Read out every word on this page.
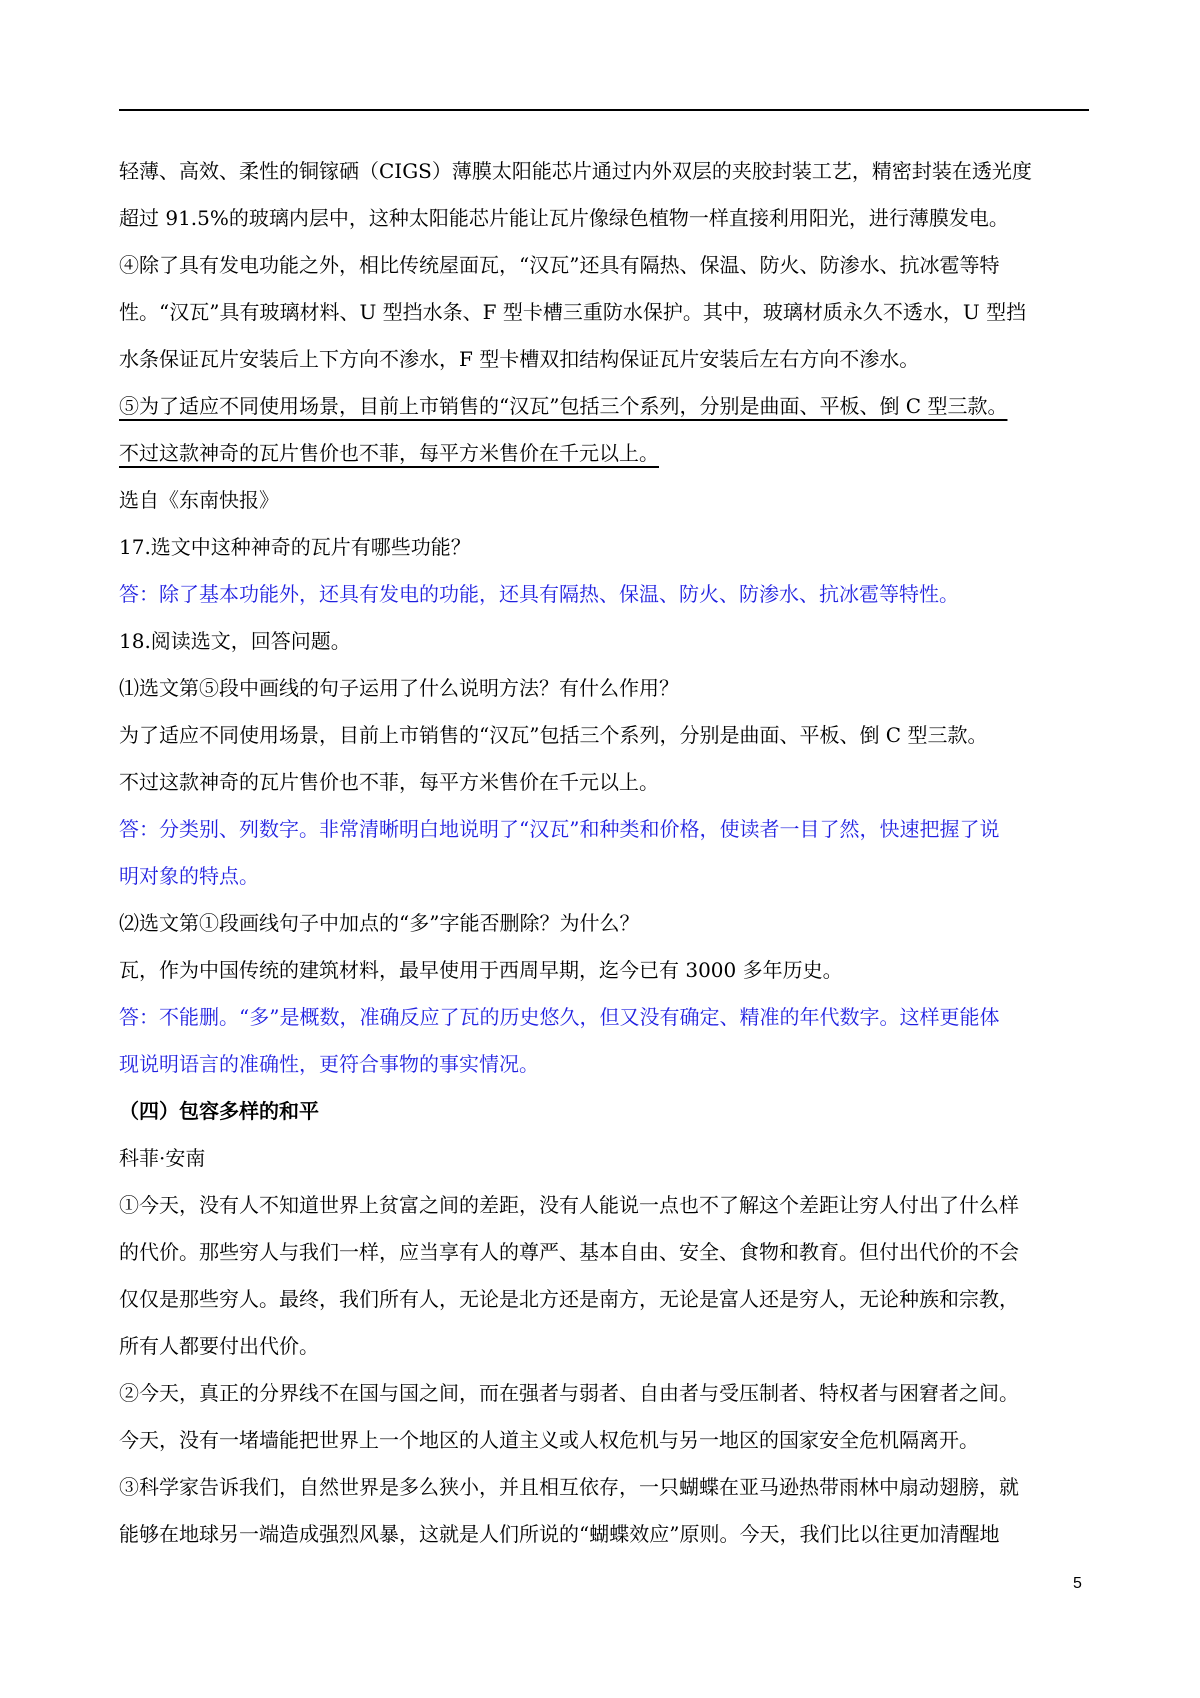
轻薄、高效、柔性的铜镓硒（CIGS）薄膜太阳能芯片通过内外双层的夹胶封装工艺，精密封装在透光度
超过 91.5%的玻璃内层中，这种太阳能芯片能让瓦片像绿色植物一样直接利用阳光，进行薄膜发电。
④除了具有发电功能之外，相比传统屋面瓦，“汉瓦”还具有隔热、保温、防火、防渗水、抗冰雹等特
性。“汉瓦”具有玻璃材料、U 型挡水条、F 型卡槽三重防水保护。其中，玻璃材质永久不透水，U 型挡
水条保证瓦片安装后上下方向不渗水，F 型卡槽双扣结构保证瓦片安装后左右方向不渗水。
⑤为了适应不同使用场景，目前上市销售的“汉瓦”包括三个系列，分别是曲面、平板、倒 C 型三款。
不过这款神奇的瓦片售价也不菲，每平方米售价在千元以上。
选自《东南快报》
17.选文中这种神奇的瓦片有哪些功能？
答：除了基本功能外，还具有发电的功能，还具有隔热、保温、防火、防渗水、抗冰雹等特性。
18.阅读选文，回答问题。
⑴选文第⑤段中画线的句子运用了什么说明方法？有什么作用？
为了适应不同使用场景，目前上市销售的“汉瓦”包括三个系列，分别是曲面、平板、倒 C 型三款。
不过这款神奇的瓦片售价也不菲，每平方米售价在千元以上。
答：分类别、列数字。非常清晰明白地说明了“汉瓦”和种类和价格，使读者一目了然，快速把握了说
明对象的特点。
⑵选文第①段画线句子中加点的“多”字能否删除？为什么？
瓦，作为中国传统的建筑材料，最早使用于西周早期，迄今已有 3000 多年历史。
答：不能删。“多”是概数，准确反应了瓦的历史悠久，但又没有确定、精准的年代数字。这样更能体
现说明语言的准确性，更符合事物的事实情况。
（四）包容多样的和平
科菲·安南
①今天，没有人不知道世界上贫富之间的差距，没有人能说一点也不了解这个差距让穷人付出了什么样
的代价。那些穷人与我们一样，应当享有人的尊严、基本自由、安全、食物和教育。但付出代价的不会
仅仅是那些穷人。最终，我们所有人，无论是北方还是南方，无论是富人还是穷人，无论种族和宗教，
所有人都要付出代价。
②今天，真正的分界线不在国与国之间，而在强者与弱者、自由者与受压制者、特权者与困窘者之间。
今天，没有一堵墙能把世界上一个地区的人道主义或人权危机与另一地区的国家安全危机隔离开。
③科学家告诉我们，自然世界是多么狭小，并且相互依存，一只蝴蝶在亚马逊热带雨林中扇动翅膀，就
能够在地球另一端造成强烈风暴，这就是人们所说的“蝴蝶效应”原则。今天，我们比以往更加清醒地
5
